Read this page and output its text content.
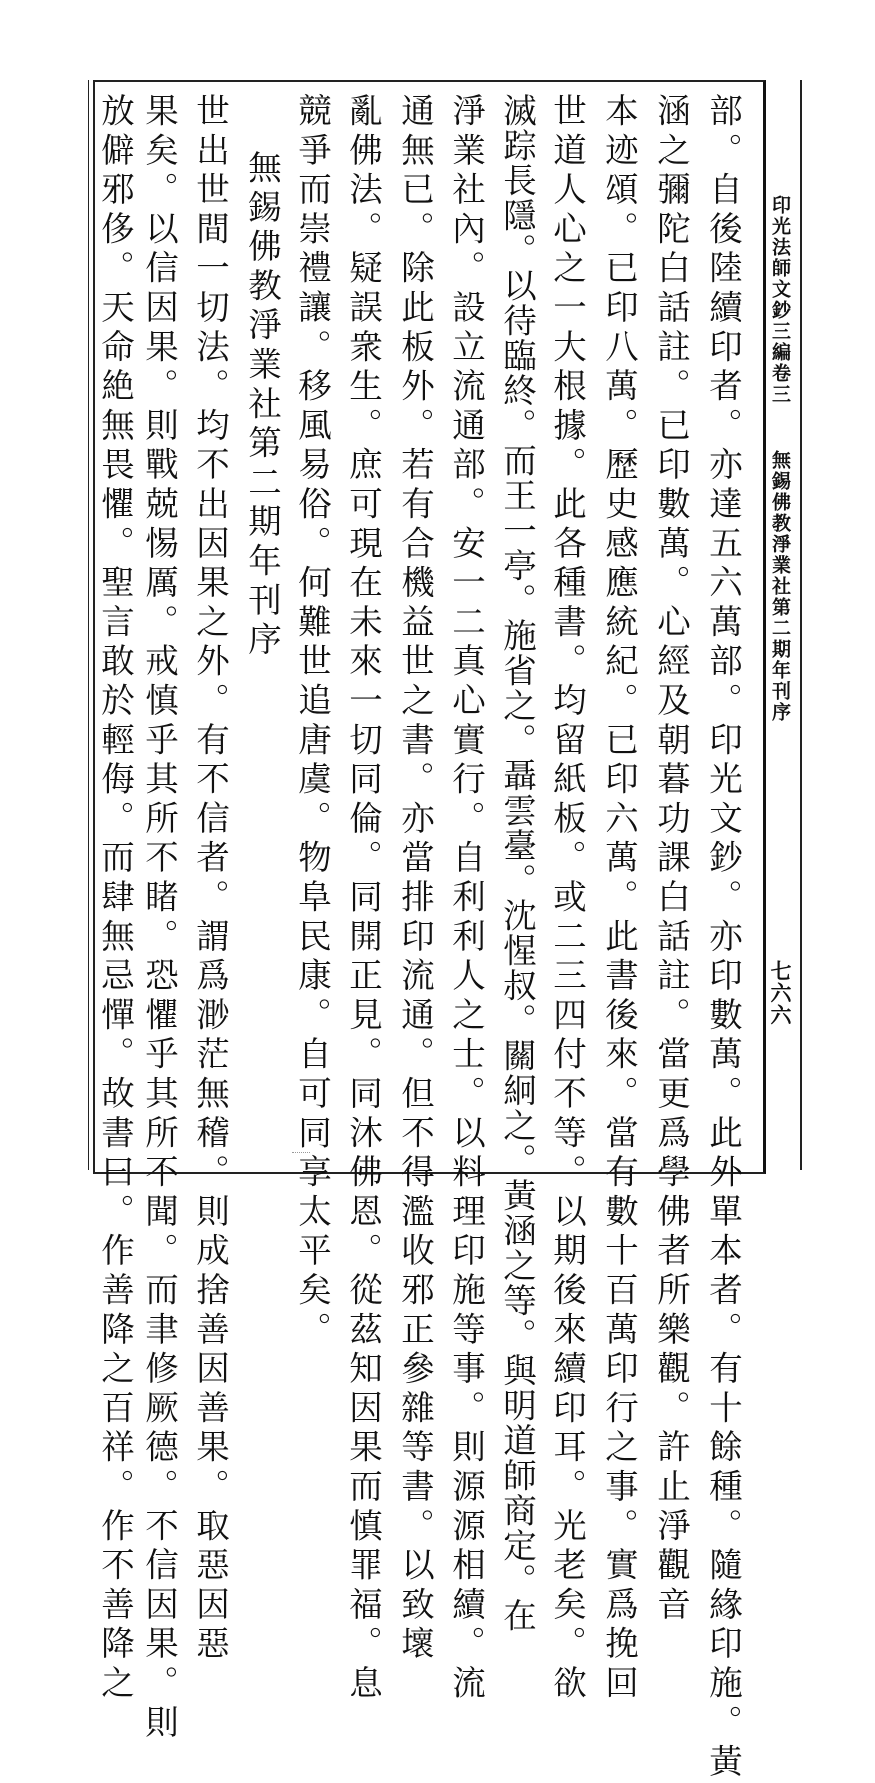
印光法師文鈔三編卷三
無錫佛教淨業社第二期年刊序
七六六
部。自後陸續印者。亦達五六萬部。印光文鈔。亦印數萬。此外單本者。有十餘種。隨緣印施。黃
涵之彌陀白話註。已印數萬。心經及朝暮功課白話註。當更爲學佛者所樂觀。許止淨觀音
本迹頌。已印八萬。歷史感應統紀。已印六萬。此書後來。當有數十百萬印行之事。實爲挽回
世道人心之一大根據。此各種書。均留紙板。或二三四付不等。以期後來續印耳。光老矣。欲
滅踪長隱。以待臨終。而王一亭。施省之。聶雲臺。沈惺叔。關絅之。黃涵之等。與明道師商定。在
淨業社內。設立流通部。安一二真心實行。自利利人之士。以料理印施等事。則源源相續。流
通無已。除此板外。若有合機益世之書。亦當排印流通。但不得濫收邪正參雜等書。以致壞
亂佛法。疑誤衆生。庶可現在未來一切同倫。同開正見。同沐佛恩。從茲知因果而慎罪福。息
競爭而崇禮讓。移風易俗。何難世追唐虞。物阜民康。自可同享太平矣。
無錫佛教淨業社第二期年刊序
世出世間一切法。均不出因果之外。有不信者。謂爲渺茫無稽。則成捨善因善果。取惡因惡
果矣。以信因果。則戰兢惕厲。戒慎乎其所不睹。恐懼乎其所不聞。而聿修厥德。不信因果。則
放僻邪侈。天命絶無畏懼。聖言敢於輕侮。而肆無忌憚。故書曰。作善降之百祥。作不善降之
